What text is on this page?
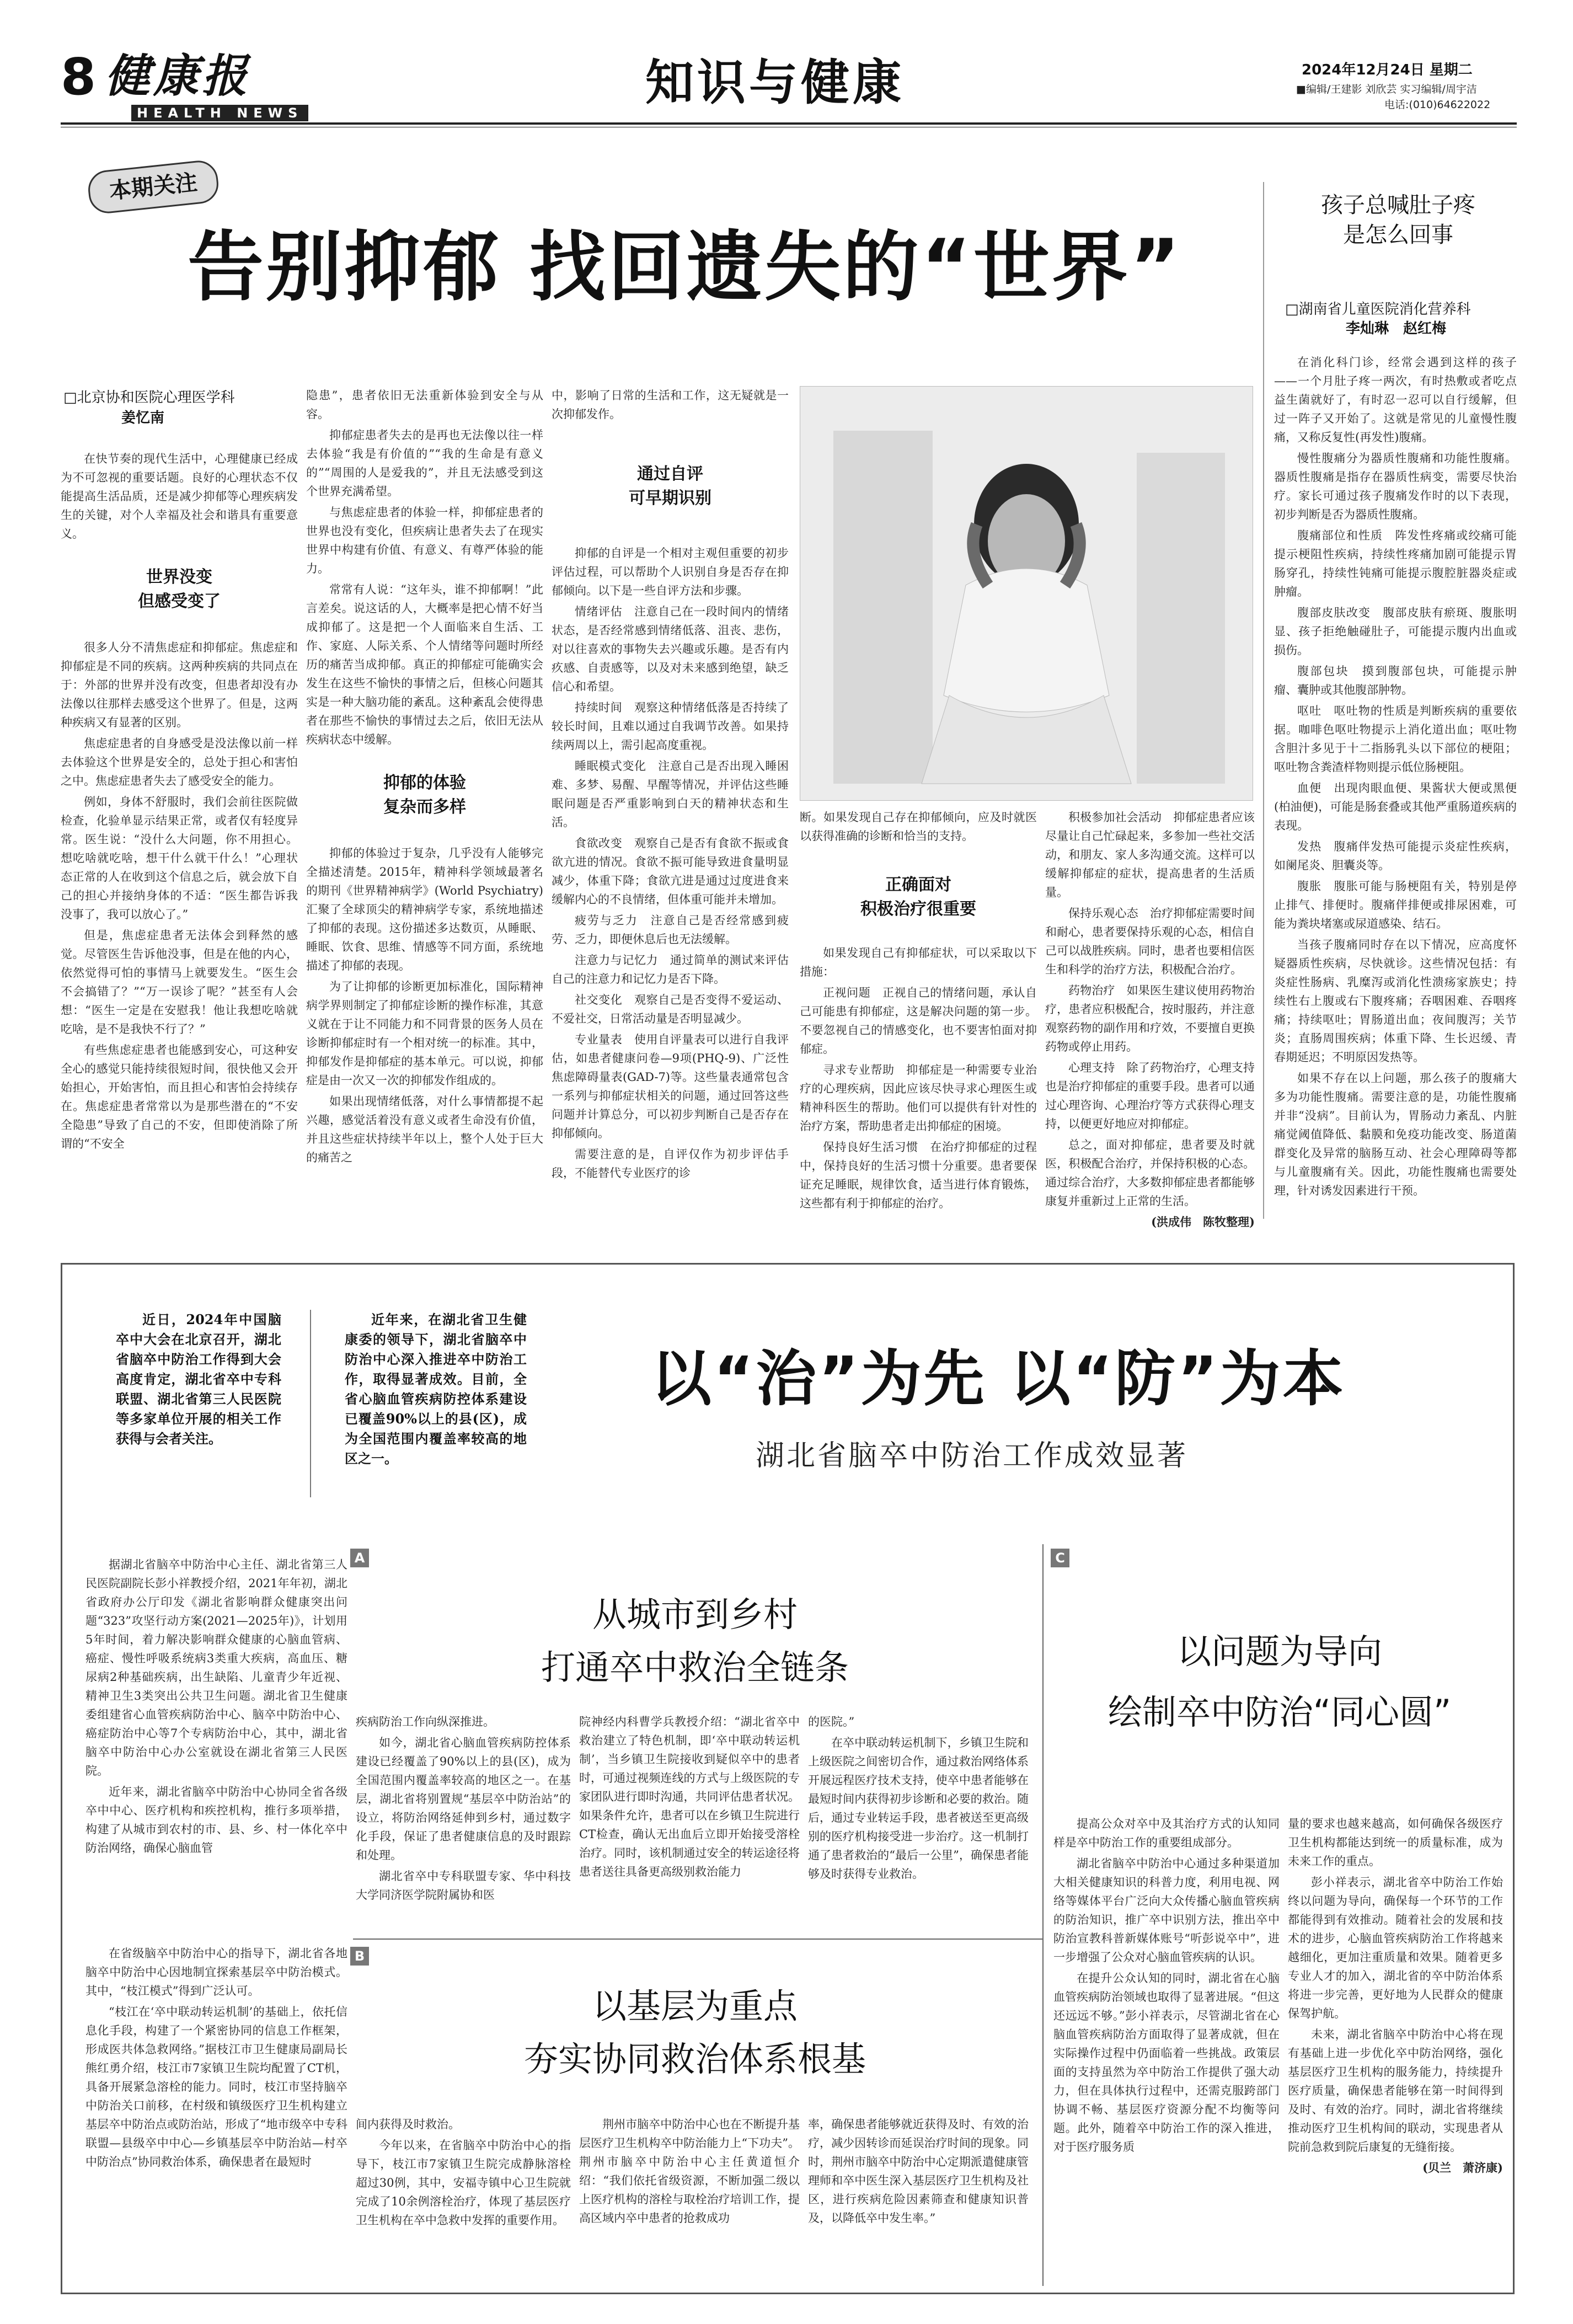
8 健康报
HEALTH NEWS
知识与健康	2024年12月24日 星期二
■编辑/王建影 刘欣芸 实习编辑/周宇洁
电话:(010)64622022
本期关注
告别抑郁 找回遗失的“世界”
孩子总喊肚子疼
是怎么回事
□湖南省儿童医院消化营养科
李灿琳　赵红梅
□北京协和医院心理医学科
姜忆南

在快节奏的现代生活中，心理健康已经成为不可忽视的重要话题。良好的心理状态不仅能提高生活品质，还是减少抑郁等心理疾病发生的关键，对个人幸福及社会和谐具有重要意义。

世界没变
但感受变了

很多人分不清焦虑症和抑郁症。焦虑症和抑郁症是不同的疾病。这两种疾病的共同点在于：外部的世界并没有改变，但患者却没有办法像以往那样去感受这个世界了。但是，这两种疾病又有显著的区别。

焦虑症患者的自身感受是没法像以前一样去体验这个世界是安全的，总处于担心和害怕之中。焦虑症患者失去了感受安全的能力。

例如，身体不舒服时，我们会前往医院做检查，化验单显示结果正常，或者仅有轻度异常。医生说：“没什么大问题，你不用担心。想吃啥就吃啥，想干什么就干什么！”心理状态正常的人在收到这个信息之后，就会放下自己的担心并接纳身体的不适：“医生都告诉我没事了，我可以放心了。”

但是，焦虑症患者无法体会到释然的感觉。尽管医生告诉他没事，但是在他的内心，依然觉得可怕的事情马上就要发生。“医生会不会搞错了？”“万一误诊了呢？”甚至有人会想：“医生一定是在安慰我！他让我想吃啥就吃啥，是不是我快不行了？”

有些焦虑症患者也能感到安心，可这种安全心的感觉只能持续很短时间，很快他又会开始担心，开始害怕，而且担心和害怕会持续存在。焦虑症患者常常以为是那些潜在的“不安全隐患”导致了自己的不安，但即使消除了所谓的“不安全

隐患”，患者依旧无法重新体验到安全与从容。

抑郁症患者失去的是再也无法像以往一样去体验“我是有价值的”“我的生命是有意义的”“周围的人是爱我的”，并且无法感受到这个世界充满希望。

与焦虑症患者的体验一样，抑郁症患者的世界也没有变化，但疾病让患者失去了在现实世界中构建有价值、有意义、有尊严体验的能力。

常常有人说：“这年头，谁不抑郁啊！”此言差矣。说这话的人，大概率是把心情不好当成抑郁了。这是把一个人面临来自生活、工作、家庭、人际关系、个人情绪等问题时所经历的痛苦当成抑郁。真正的抑郁症可能确实会发生在这些不愉快的事情之后，但核心问题其实是一种大脑功能的紊乱。这种紊乱会使得患者在那些不愉快的事情过去之后，依旧无法从疾病状态中缓解。

抑郁的体验
复杂而多样

抑郁的体验过于复杂，几乎没有人能够完全描述清楚。2015年，精神科学领域最著名的期刊《世界精神病学》(World Psychiatry)汇聚了全球顶尖的精神病学专家，系统地描述了抑郁的表现。这份描述多达数页，从睡眠、睡眠、饮食、思维、情感等不同方面，系统地描述了抑郁的表现。

为了让抑郁的诊断更加标准化，国际精神病学界则制定了抑郁症诊断的操作标准，其意义就在于让不同能力和不同背景的医务人员在诊断抑郁症时有一个相对统一的标准。其中，抑郁发作是抑郁症的基本单元。可以说，抑郁症是由一次又一次的抑郁发作组成的。

如果出现情绪低落，对什么事情都提不起兴趣，感觉活着没有意义或者生命没有价值，并且这些症状持续半年以上，整个人处于巨大的痛苦之

中，影响了日常的生活和工作，这无疑就是一次抑郁发作。

通过自评
可早期识别

抑郁的自评是一个相对主观但重要的初步评估过程，可以帮助个人识别自身是否存在抑郁倾向。以下是一些自评方法和步骤。

情绪评估　注意自己在一段时间内的情绪状态，是否经常感到情绪低落、沮丧、悲伤，对以往喜欢的事物失去兴趣或乐趣。是否有内疚感、自责感等，以及对未来感到绝望，缺乏信心和希望。

持续时间　观察这种情绪低落是否持续了较长时间，且难以通过自我调节改善。如果持续两周以上，需引起高度重视。

睡眠模式变化　注意自己是否出现入睡困难、多梦、易醒、早醒等情况，并评估这些睡眠问题是否严重影响到白天的精神状态和生活。

食欲改变　观察自己是否有食欲不振或食欲亢进的情况。食欲不振可能导致进食量明显减少，体重下降；食欲亢进是通过过度进食来缓解内心的不良情绪，但体重可能并未增加。

疲劳与乏力　注意自己是否经常感到疲劳、乏力，即便休息后也无法缓解。

注意力与记忆力　通过简单的测试来评估自己的注意力和记忆力是否下降。

社交变化　观察自己是否变得不爱运动、不爱社交，日常活动量是否明显减少。

专业量表　使用自评量表可以进行自我评估，如患者健康问卷—9项(PHQ-9)、广泛性焦虑障碍量表(GAD-7)等。这些量表通常包含一系列与抑郁症状相关的问题，通过回答这些问题并计算总分，可以初步判断自己是否存在抑郁倾向。

需要注意的是，自评仅作为初步评估手段，不能替代专业医疗的诊

断。如果发现自己存在抑郁倾向，应及时就医以获得准确的诊断和恰当的支持。

正确面对
积极治疗很重要

如果发现自己有抑郁症状，可以采取以下措施：

正视问题　正视自己的情绪问题，承认自己可能患有抑郁症，这是解决问题的第一步。不要忽视自己的情感变化，也不要害怕面对抑郁症。

寻求专业帮助　抑郁症是一种需要专业治疗的心理疾病，因此应该尽快寻求心理医生或精神科医生的帮助。他们可以提供有针对性的治疗方案，帮助患者走出抑郁症的困境。

保持良好生活习惯　在治疗抑郁症的过程中，保持良好的生活习惯十分重要。患者要保证充足睡眠，规律饮食，适当进行体育锻炼，这些都有利于抑郁症的治疗。

积极参加社会活动　抑郁症患者应该尽量让自己忙碌起来，多参加一些社交活动，和朋友、家人多沟通交流。这样可以缓解抑郁症的症状，提高患者的生活质量。

保持乐观心态　治疗抑郁症需要时间和耐心，患者要保持乐观的心态，相信自己可以战胜疾病。同时，患者也要相信医生和科学的治疗方法，积极配合治疗。

药物治疗　如果医生建议使用药物治疗，患者应积极配合，按时服药，并注意观察药物的副作用和疗效，不要擅自更换药物或停止用药。

心理支持　除了药物治疗，心理支持也是治疗抑郁症的重要手段。患者可以通过心理咨询、心理治疗等方式获得心理支持，以便更好地应对抑郁症。

总之，面对抑郁症，患者要及时就医，积极配合治疗，并保持积极的心态。通过综合治疗，大多数抑郁症患者都能够康复并重新过上正常的生活。

(洪成伟　陈牧整理)

在消化科门诊，经常会遇到这样的孩子——一个月肚子疼一两次，有时热敷或者吃点益生菌就好了，有时忍一忍可以自行缓解，但过一阵子又开始了。这就是常见的儿童慢性腹痛，又称反复性(再发性)腹痛。

慢性腹痛分为器质性腹痛和功能性腹痛。器质性腹痛是指存在器质性病变，需要尽快治疗。家长可通过孩子腹痛发作时的以下表现，初步判断是否为器质性腹痛。

腹痛部位和性质　阵发性疼痛或绞痛可能提示梗阻性疾病，持续性疼痛加剧可能提示胃肠穿孔，持续性钝痛可能提示腹腔脏器炎症或肿瘤。

腹部皮肤改变　腹部皮肤有瘀斑、腹胀明显、孩子拒绝触碰肚子，可能提示腹内出血或损伤。

腹部包块　摸到腹部包块，可能提示肿瘤、囊肿或其他腹部肿物。

呕吐　呕吐物的性质是判断疾病的重要依据。咖啡色呕吐物提示上消化道出血；呕吐物含胆汁多见于十二指肠乳头以下部位的梗阻；呕吐物含粪渣样物则提示低位肠梗阻。

血便　出现肉眼血便、果酱状大便或黑便(柏油便)，可能是肠套叠或其他严重肠道疾病的表现。

发热　腹痛伴发热可能提示炎症性疾病，如阑尾炎、胆囊炎等。

腹胀　腹胀可能与肠梗阻有关，特别是停止排气、排便时。腹痛伴排便或排尿困难，可能为粪块堵塞或尿道感染、结石。

当孩子腹痛同时存在以下情况，应高度怀疑器质性疾病，尽快就诊。这些情况包括：有炎症性肠病、乳糜泻或消化性溃疡家族史；持续性右上腹或右下腹疼痛；吞咽困难、吞咽疼痛；持续呕吐；胃肠道出血；夜间腹泻；关节炎；直肠周围疾病；体重下降、生长迟缓、青春期延迟；不明原因发热等。

如果不存在以上问题，那么孩子的腹痛大多为功能性腹痛。需要注意的是，功能性腹痛并非“没病”。目前认为，胃肠动力紊乱、内脏痛觉阈值降低、黏膜和免疫功能改变、肠道菌群变化及异常的脑肠互动、社会心理障碍等都与儿童腹痛有关。因此，功能性腹痛也需要处理，针对诱发因素进行干预。

近日，2024年中国脑卒中大会在北京召开，湖北省脑卒中防治工作得到大会高度肯定，湖北省卒中专科联盟、湖北省第三人民医院等多家单位开展的相关工作获得与会者关注。

近年来，在湖北省卫生健康委的领导下，湖北省脑卒中防治中心深入推进卒中防治工作，取得显著成效。目前，全省心脑血管疾病防控体系建设已覆盖90%以上的县(区)，成为全国范围内覆盖率较高的地区之一。

以“治”为先 以“防”为本
湖北省脑卒中防治工作成效显著
A
从城市到乡村
打通卒中救治全链条

据湖北省脑卒中防治中心主任、湖北省第三人民医院副院长彭小祥教授介绍，2021年年初，湖北省政府办公厅印发《湖北省影响群众健康突出问题“323”攻坚行动方案(2021—2025年)》，计划用5年时间，着力解决影响群众健康的心脑血管病、癌症、慢性呼吸系统病3类重大疾病，高血压、糖尿病2种基础疾病，出生缺陷、儿童青少年近视、精神卫生3类突出公共卫生问题。湖北省卫生健康委组建省心血管疾病防治中心、脑卒中防治中心、癌症防治中心等7个专病防治中心，其中，湖北省脑卒中防治中心办公室就设在湖北省第三人民医院。

近年来，湖北省脑卒中防治中心协同全省各级卒中中心、医疗机构和疾控机构，推行多项举措，构建了从城市到农村的市、县、乡、村一体化卒中防治网络，确保心脑血管

疾病防治工作向纵深推进。

如今，湖北省心脑血管疾病防控体系建设已经覆盖了90%以上的县(区)，成为全国范围内覆盖率较高的地区之一。在基层，湖北省将别置规“基层卒中防治站”的设立，将防治网络延伸到乡村，通过数字化手段，保证了患者健康信息的及时跟踪和处理。

湖北省卒中专科联盟专家、华中科技大学同济医学院附属协和医

院神经内科曹学兵教授介绍：“湖北省卒中救治建立了特色机制，即‘卒中联动转运机制’，当乡镇卫生院接收到疑似卒中的患者时，可通过视频连线的方式与上级医院的专家团队进行即时沟通，共同评估患者状况。如果条件允许，患者可以在乡镇卫生院进行CT检查，确认无出血后立即开始接受溶栓治疗。同时，该机制通过安全的转运途径将患者送往具备更高级别救治能力

的医院。”

在卒中联动转运机制下，乡镇卫生院和上级医院之间密切合作，通过救治网络体系开展远程医疗技术支持，使卒中患者能够在最短时间内获得初步诊断和必要的救治。随后，通过专业转运手段，患者被送至更高级别的医疗机构接受进一步治疗。这一机制打通了患者救治的“最后一公里”，确保患者能够及时获得专业救治。

B
以基层为重点
夯实协同救治体系根基

在省级脑卒中防治中心的指导下，湖北省各地脑卒中防治中心因地制宜探索基层卒中防治模式。其中，“枝江模式”得到广泛认可。

“枝江在‘卒中联动转运机制’的基础上，依托信息化手段，构建了一个紧密协同的信息工作框架，形成医共体急救网络。”据枝江市卫生健康局副局长熊红勇介绍，枝江市7家镇卫生院均配置了CT机，具备开展紧急溶栓的能力。同时，枝江市坚持脑卒中防治关口前移，在村级和镇级医疗卫生机构建立基层卒中防治点或防治站，形成了“地市级卒中专科联盟—县级卒中中心—乡镇基层卒中防治站—村卒中防治点”协同救治体系，确保患者在最短时

间内获得及时救治。

今年以来，在省脑卒中防治中心的指导下，枝江市7家镇卫生院完成静脉溶栓超过30例，其中，安福寺镇中心卫生院就完成了10余例溶栓治疗，体现了基层医疗卫生机构在卒中急救中发挥的重要作用。

荆州市脑卒中防治中心也在不断提升基层医疗卫生机构卒中防治能力上“下功夫”。荆州市脑卒中防治中心主任黄道恒介绍：“我们依托省级资源，不断加强二级以上医疗机构的溶栓与取栓治疗培训工作，提高区域内卒中患者的抢救成功

率，确保患者能够就近获得及时、有效的治疗，减少因转诊而延误治疗时间的现象。同时，荆州市脑卒中防治中心定期派遣健康管理师和卒中医生深入基层医疗卫生机构及社区，进行疾病危险因素筛查和健康知识普及，以降低卒中发生率。”

C
以问题为导向
绘制卒中防治“同心圆”

提高公众对卒中及其治疗方式的认知同样是卒中防治工作的重要组成部分。

湖北省脑卒中防治中心通过多种渠道加大相关健康知识的科普力度，利用电视、网络等媒体平台广泛向大众传播心脑血管疾病的防治知识，推广卒中识别方法，推出卒中防治宣教科普新媒体账号“听彭说卒中”，进一步增强了公众对心脑血管疾病的认识。

在提升公众认知的同时，湖北省在心脑血管疾病防治领域也取得了显著进展。“但这还远远不够。”彭小祥表示，尽管湖北省在心脑血管疾病防治方面取得了显著成就，但在实际操作过程中仍面临着一些挑战。政策层面的支持虽然为卒中防治工作提供了强大动力，但在具体执行过程中，还需克服跨部门协调不畅、基层医疗资源分配不均衡等问题。此外，随着卒中防治工作的深入推进，对于医疗服务质

量的要求也越来越高，如何确保各级医疗卫生机构都能达到统一的质量标准，成为未来工作的重点。

彭小祥表示，湖北省卒中防治工作始终以问题为导向，确保每一个环节的工作都能得到有效推动。随着社会的发展和技术的进步，心脑血管疾病防治工作将越来越细化，更加注重质量和效果。随着更多专业人才的加入，湖北省的卒中防治体系将进一步完善，更好地为人民群众的健康保驾护航。

未来，湖北省脑卒中防治中心将在现有基础上进一步优化卒中防治网络，强化基层医疗卫生机构的服务能力，持续提升医疗质量，确保患者能够在第一时间得到及时、有效的治疗。同时，湖北省将继续推动医疗卫生机构间的联动，实现患者从院前急救到院后康复的无缝衔接。

(贝兰　萧济康)
